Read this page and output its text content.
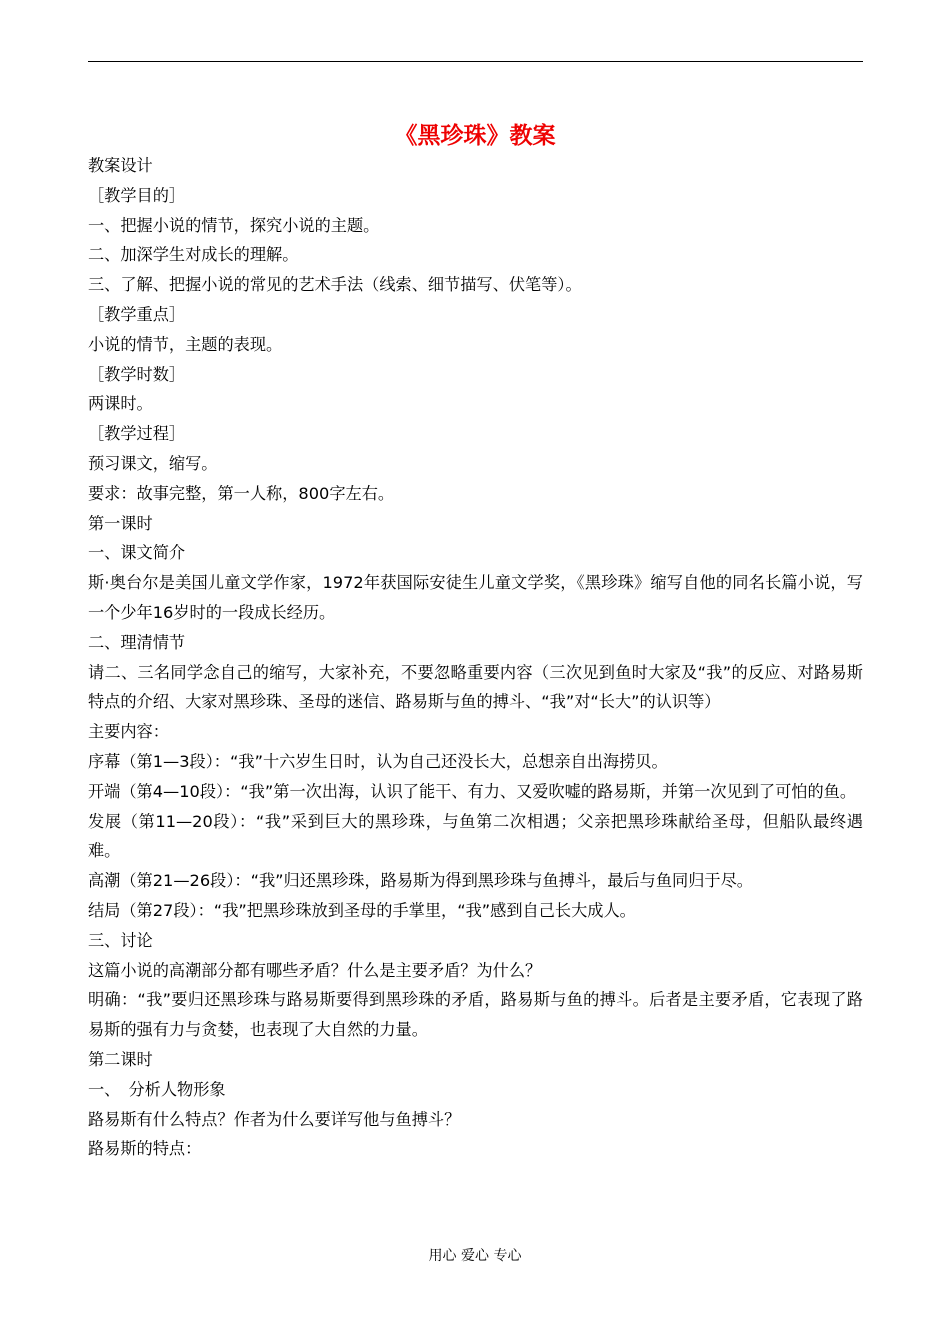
《黑珍珠》教案

教案设计

［教学目的］

一、把握小说的情节，探究小说的主题。

二、加深学生对成长的理解。

三、了解、把握小说的常见的艺术手法（线索、细节描写、伏笔等）。

［教学重点］

小说的情节，主题的表现。

［教学时数］

两课时。

［教学过程］

预习课文，缩写。

要求：故事完整，第一人称，800字左右。

第一课时

一、课文简介

斯·奥台尔是美国儿童文学作家，1972年获国际安徒生儿童文学奖，《黑珍珠》缩写自他的同名长篇小说，写一个少年16岁时的一段成长经历。

二、理清情节

请二、三名同学念自己的缩写，大家补充，不要忽略重要内容（三次见到鱼时大家及“我”的反应、对路易斯特点的介绍、大家对黑珍珠、圣母的迷信、路易斯与鱼的搏斗、“我”对“长大”的认识等）

主要内容：

序幕（第1—3段）：“我”十六岁生日时，认为自己还没长大，总想亲自出海捞贝。

开端（第4—10段）：“我”第一次出海，认识了能干、有力、又爱吹嘘的路易斯，并第一次见到了可怕的鱼。

发展（第11—20段）：“我”采到巨大的黑珍珠，与鱼第二次相遇；父亲把黑珍珠献给圣母，但船队最终遇难。

高潮（第21—26段）：“我”归还黑珍珠，路易斯为得到黑珍珠与鱼搏斗，最后与鱼同归于尽。

结局（第27段）：“我”把黑珍珠放到圣母的手掌里，“我”感到自己长大成人。

三、讨论

这篇小说的高潮部分都有哪些矛盾？什么是主要矛盾？为什么？

明确：“我”要归还黑珍珠与路易斯要得到黑珍珠的矛盾，路易斯与鱼的搏斗。后者是主要矛盾，它表现了路易斯的强有力与贪婪，也表现了大自然的力量。

第二课时

一、　分析人物形象

路易斯有什么特点？作者为什么要详写他与鱼搏斗？

路易斯的特点：

用心 爱心 专心
